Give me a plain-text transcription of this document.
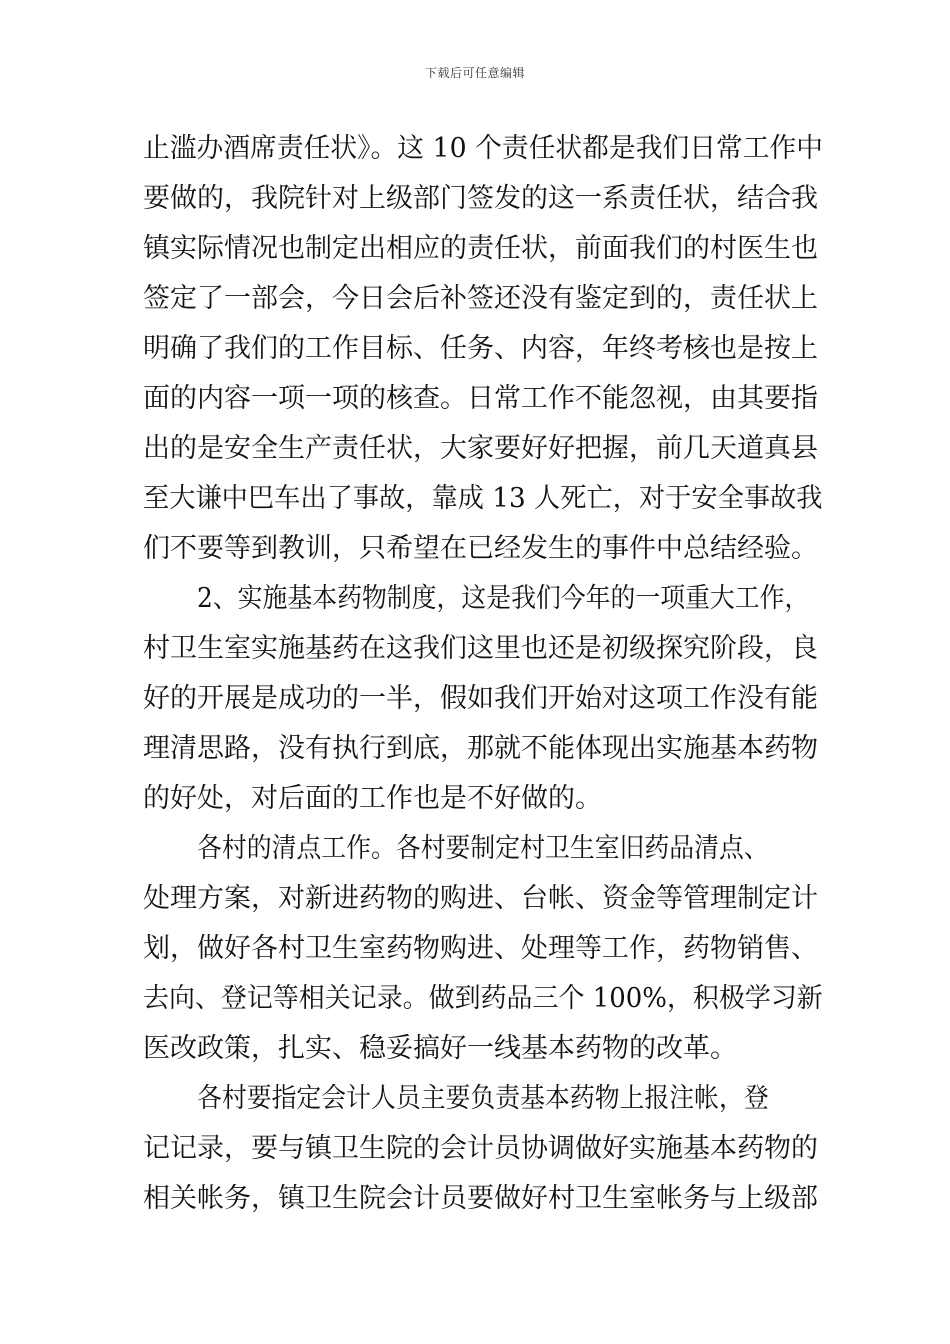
下载后可任意编辑
止滥办酒席责任状》。这 10 个责任状都是我们日常工作中
要做的，我院针对上级部门签发的这一系责任状，结合我
镇实际情况也制定出相应的责任状，前面我们的村医生也
签定了一部会，今日会后补签还没有鉴定到的，责任状上
明确了我们的工作目标、任务、内容，年终考核也是按上
面的内容一项一项的核查。日常工作不能忽视，由其要指
出的是安全生产责任状，大家要好好把握，前几天道真县
至大谦中巴车出了事故，靠成 13 人死亡，对于安全事故我
们不要等到教训，只希望在已经发生的事件中总结经验。
2、实施基本药物制度，这是我们今年的一项重大工作，
村卫生室实施基药在这我们这里也还是初级探究阶段，良
好的开展是成功的一半，假如我们开始对这项工作没有能
理清思路，没有执行到底，那就不能体现出实施基本药物
的好处，对后面的工作也是不好做的。
各村的清点工作。各村要制定村卫生室旧药品清点、
处理方案，对新进药物的购进、台帐、资金等管理制定计
划，做好各村卫生室药物购进、处理等工作，药物销售、
去向、登记等相关记录。做到药品三个 100%，积极学习新
医改政策，扎实、稳妥搞好一线基本药物的改革。
各村要指定会计人员主要负责基本药物上报注帐，登
记记录，要与镇卫生院的会计员协调做好实施基本药物的
相关帐务，镇卫生院会计员要做好村卫生室帐务与上级部
